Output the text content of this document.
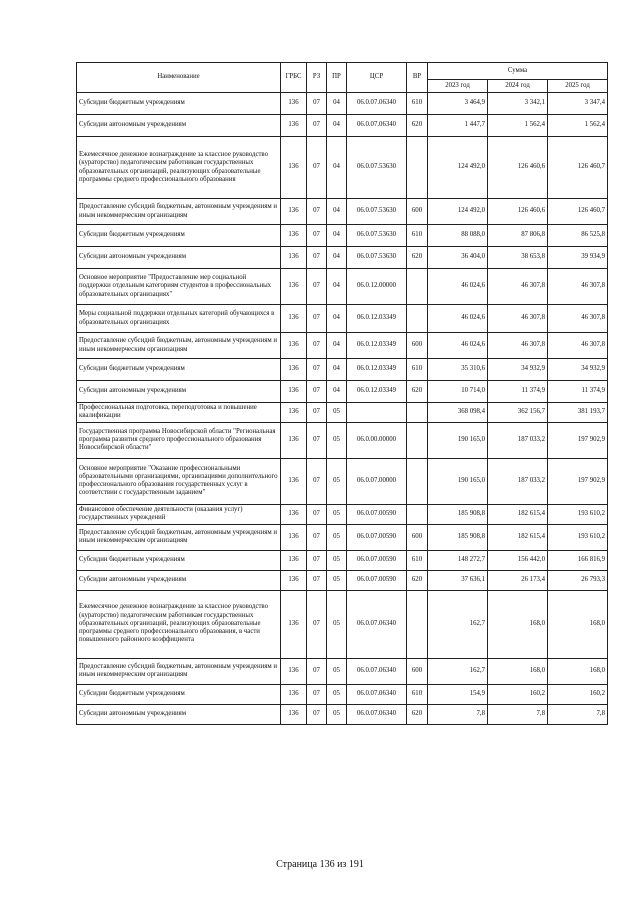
Наименование	ГРБС	РЗ	ПР	ЦСР	ВР	Сумма		
						2023 год	2024 год	2025 год
Субсидии бюджетным учреждениям	136	07	04	06.0.07.06340	610	3 464,9	3 342,1	3 347,4
Субсидии автономным учреждениям	136	07	04	06.0.07.06340	620	1 447,7	1 562,4	1 562,4
Ежемесячное денежное вознаграждение за классное руководство (кураторство) педагогическим работникам государственных образовательных организаций, реализующих образовательные программы среднего профессионального образования	136	07	04	06.0.07.53630		124 492,0	126 460,6	126 460,7
Предоставление субсидий бюджетным, автономным учреждениям и иным некоммерческим организациям	136	07	04	06.0.07.53630	600	124 492,0	126 460,6	126 460,7
Субсидии бюджетным учреждениям	136	07	04	06.0.07.53630	610	88 088,0	87 806,8	86 525,8
Субсидии автономным учреждениям	136	07	04	06.0.07.53630	620	36 404,0	38 653,8	39 934,9
Основное мероприятие "Предоставление мер социальной поддержки отдельным категориям студентов в профессиональных образовательных организациях"	136	07	04	06.0.12.00000		46 024,6	46 307,8	46 307,8
Меры социальной поддержки отдельных категорий обучающихся в образовательных организациях	136	07	04	06.0.12.03349		46 024,6	46 307,8	46 307,8
Предоставление субсидий бюджетным, автономным учреждениям и иным некоммерческим организациям	136	07	04	06.0.12.03349	600	46 024,6	46 307,8	46 307,8
Субсидии бюджетным учреждениям	136	07	04	06.0.12.03349	610	35 310,6	34 932,9	34 932,9
Субсидии автономным учреждениям	136	07	04	06.0.12.03349	620	10 714,0	11 374,9	11 374,9
Профессиональная подготовка, переподготовка и повышение квалификации	136	07	05			368 098,4	362 156,7	381 193,7
Государственная программа Новосибирской области "Региональная программа развития среднего профессионального образования Новосибирской области"	136	07	05	06.0.00.00000		190 165,0	187 033,2	197 902,9
Основное мероприятие "Оказание профессиональными образовательными организациями, организациями дополнительного профессионального образования государственных услуг в соответствии с государственным заданием"	136	07	05	06.0.07.00000		190 165,0	187 033,2	197 902,9
Финансовое обеспечение деятельности (оказания услуг) государственных учреждений	136	07	05	06.0.07.00590		185 908,8	182 615,4	193 610,2
Предоставление субсидий бюджетным, автономным учреждениям и иным некоммерческим организациям	136	07	05	06.0.07.00590	600	185 908,8	182 615,4	193 610,2
Субсидии бюджетным учреждениям	136	07	05	06.0.07.00590	610	148 272,7	156 442,0	166 816,9
Субсидии автономным учреждениям	136	07	05	06.0.07.00590	620	37 636,1	26 173,4	26 793,3
Ежемесячное денежное вознаграждение за классное руководство (кураторство) педагогическим работникам государственных образовательных организаций, реализующих образовательные программы среднего профессионального образования, в части повышенного районного коэффициента	136	07	05	06.0.07.06340		162,7	168,0	168,0
Предоставление субсидий бюджетным, автономным учреждениям и иным некоммерческим организациям	136	07	05	06.0.07.06340	600	162,7	168,0	168,0
Субсидии бюджетным учреждениям	136	07	05	06.0.07.06340	610	154,9	160,2	160,2
Субсидии автономным учреждениям	136	07	05	06.0.07.06340	620	7,8	7,8	7,8
Страница 136 из 191
